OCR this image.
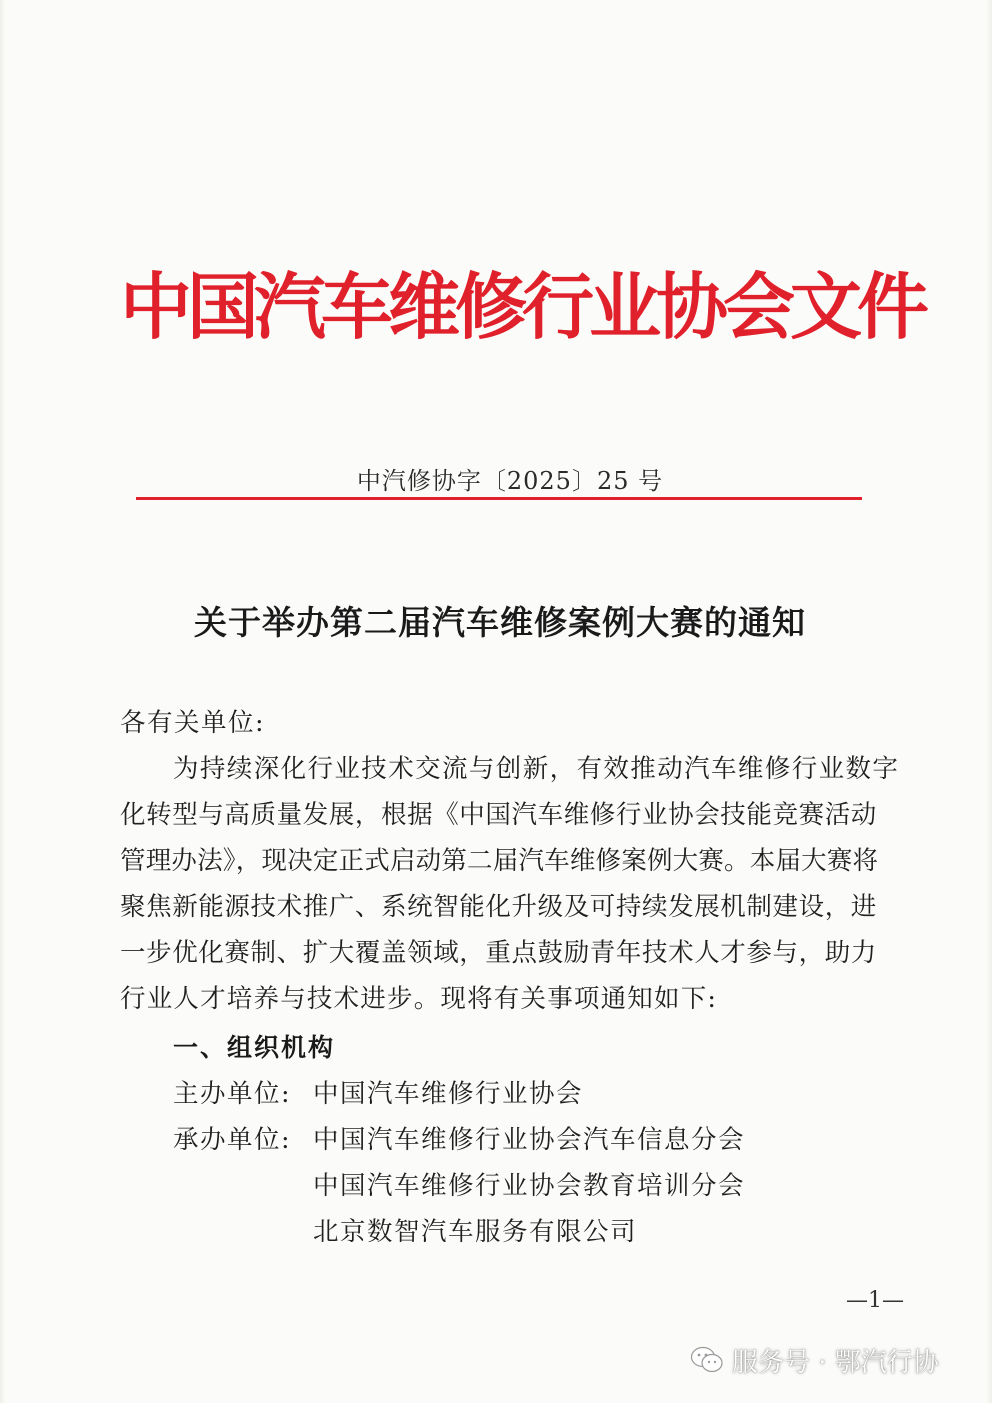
中国汽车维修行业协会文件
中汽修协字〔2025〕25 号
关于举办第二届汽车维修案例大赛的通知
各有关单位:
为持续深化行业技术交流与创新，有效推动汽车维修行业数字
化转型与高质量发展，根据《中国汽车维修行业协会技能竞赛活动
管理办法》，现决定正式启动第二届汽车维修案例大赛。本届大赛将
聚焦新能源技术推广、系统智能化升级及可持续发展机制建设，进
一步优化赛制、扩大覆盖领域，重点鼓励青年技术人才参与，助力
行业人才培养与技术进步。现将有关事项通知如下:
一、组织机构
主办单位: 中国汽车维修行业协会
承办单位: 中国汽车维修行业协会汽车信息分会
中国汽车维修行业协会教育培训分会
北京数智汽车服务有限公司
—1—
服务号 · 鄂汽行协
